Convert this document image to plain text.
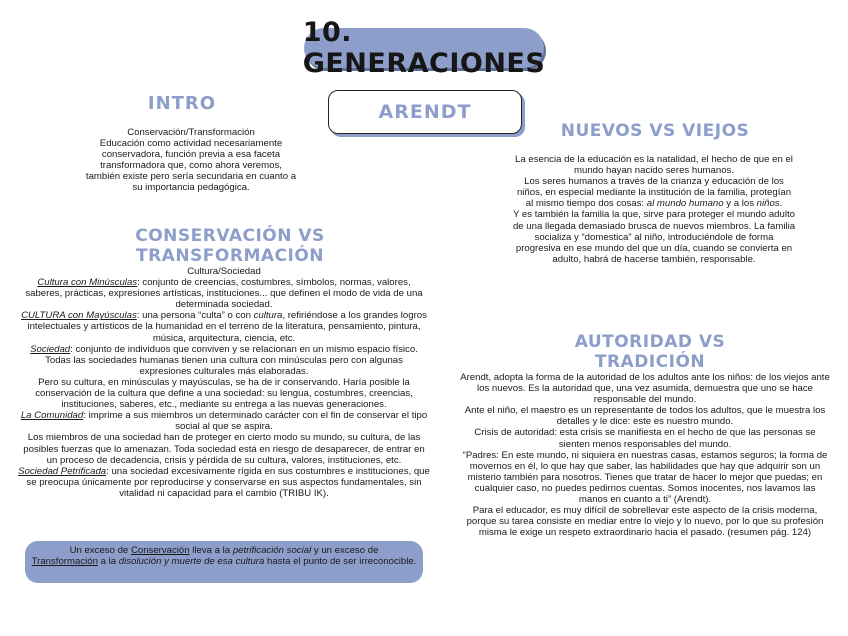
10. GENERACIONES
ARENDT
INTRO

Conservación/Transformación

Educación como actividad necesariamente

conservadora, función previa a esa faceta

transformadora que, como ahora veremos,

también existe pero sería secundaria en cuanto a

su importancia pedagógica.

CONSERVACIÓN VS TRANSFORMACIÓN

Cultura/Sociedad

Cultura con Minúsculas: conjunto de creencias, costumbres, símbolos, normas, valores, saberes, prácticas, expresiones artísticas, instituciones... que definen el modo de vida de una determinada sociedad.

CULTURA con Mayúsculas: una persona “culta” o con cultura, refiriéndose a los grandes logros intelectuales y artísticos de la humanidad en el terreno de la literatura, pensamiento, pintura, música, arquitectura, ciencia, etc.

Sociedad: conjunto de individuos que conviven y se relacionan en un mismo espacio físico. Todas las sociedades humanas tienen una cultura con minúsculas pero con algunas expresiones culturales más elaboradas.

Pero su cultura, en minúsculas y mayúsculas, se ha de ir conservando. Haría posible la conservación de la cultura que define a una sociedad: su lengua, costumbres, creencias, instituciones, saberes, etc., mediante su entrega a las nuevas generaciones.

La Comunidad: imprime a sus miembros un determinado carácter con el fin de conservar el tipo social al que se aspira.

Los miembros de una sociedad han de proteger en cierto modo su mundo, su cultura, de las posibles fuerzas que lo amenazan. Toda sociedad está en riesgo de desaparecer, de entrar en un proceso de decadencia, crisis y pérdida de su cultura, valores, instituciones, etc.

Sociedad Petrificada: una sociedad excesivamente rígida en sus costumbres e instituciones, que se preocupa únicamente por reproducirse y conservarse en sus aspectos fundamentales, sin vitalidad ni capacidad para el cambio (TRIBU IK).

Un exceso de Conservación lleva a la petrificación social y un exceso de
Transformación a la disolución y muerte de esa cultura hasta el punto de ser irreconocible.
NUEVOS VS VIEJOS

La esencia de la educación es la natalidad, el hecho de que en el mundo hayan nacido seres humanos.

Los seres humanos a través de la crianza y educación de los niños, en especial mediante la institución de la familia, protegían al mismo tiempo dos cosas: al mundo humano y a los niños.

Y es también la familia la que, sirve para proteger el mundo adulto de una llegada demasiado brusca de nuevos miembros. La familia socializa y “domestica” al niño, introduciéndole de forma progresiva en ese mundo del que un día, cuando se convierta en adulto, habrá de hacerse también, responsable.

AUTORIDAD VS TRADICIÓN

Arendt, adopta la forma de la autoridad de los adultos ante los niños: de los viejos ante los nuevos. Es la autoridad que, una vez asumida, demuestra que uno se hace responsable del mundo.

Ante el niño, el maestro es un representante de todos los adultos, que le muestra los detalles y le dice: este es nuestro mundo.

Crisis de autoridad: esta crisis se manifiesta en el hecho de que las personas se sienten menos responsables del mundo.

“Padres: En este mundo, ni siquiera en nuestras casas, estamos seguros; la forma de movernos en él, lo que hay que saber, las habilidades que hay que adquirir son un misterio también para nosotros. Tienes que tratar de hacer lo mejor que puedas; en cualquier caso, no puedes pedirnos cuentas. Somos inocentes, nos lavamos las manos en cuanto a ti” (Arendt).

Para el educador, es muy difícil de sobrellevar este aspecto de la crisis moderna, porque su tarea consiste en mediar entre lo viejo y lo nuevo, por lo que su profesión misma le exige un respeto extraordinario hacia el pasado. (resumen pág. 124)
